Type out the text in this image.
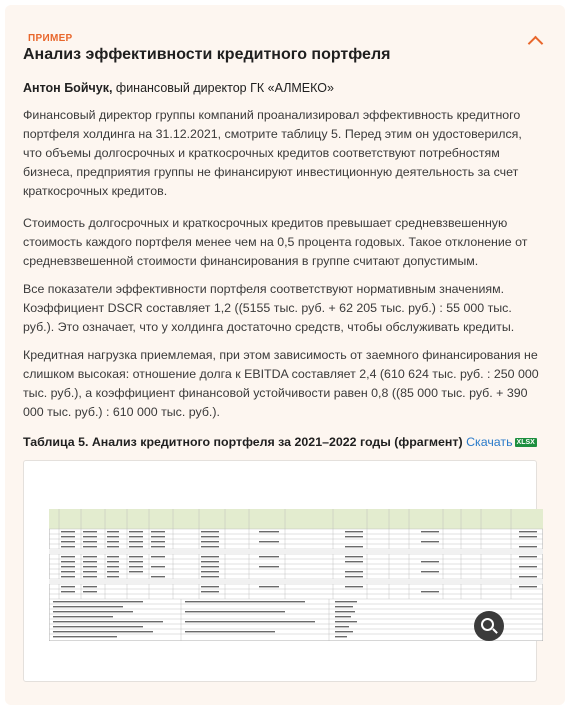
ПРИМЕР
Анализ эффективности кредитного портфеля
Антон Бойчук, финансовый директор ГК «АЛМЕКО»

Финансовый директор группы компаний проанализировал эффективность кредитного портфеля холдинга на 31.12.2021, смотрите таблицу 5. Перед этим он удостоверился, что объемы долгосрочных и краткосрочных кредитов соответствуют потребностям бизнеса, предприятия группы не финансируют инвестиционную деятельность за счет краткосрочных кредитов.

Стоимость долгосрочных и краткосрочных кредитов превышает средневзвешенную стоимость каждого портфеля менее чем на 0,5 процента годовых. Такое отклонение от средневзвешенной стоимости финансирования в группе считают допустимым.

Все показатели эффективности портфеля соответствуют нормативным значениям. Коэффициент DSCR составляет 1,2 ((5155 тыс. руб. + 62 205 тыс. руб.) : 55 000 тыс. руб.). Это означает, что у холдинга достаточно средств, чтобы обслуживать кредиты.

Кредитная нагрузка приемлемая, при этом зависимость от заемного финансирования не слишком высокая: отношение долга к EBITDA составляет 2,4 (610 624 тыс. руб. : 250 000 тыс. руб.), а коэффициент финансовой устойчивости равен 0,8 ((85 000 тыс. руб. + 390 000 тыс. руб.) : 610 000 тыс. руб.).

Таблица 5. Анализ кредитного портфеля за 2021–2022 годы (фрагмент) Скачать XLSX
